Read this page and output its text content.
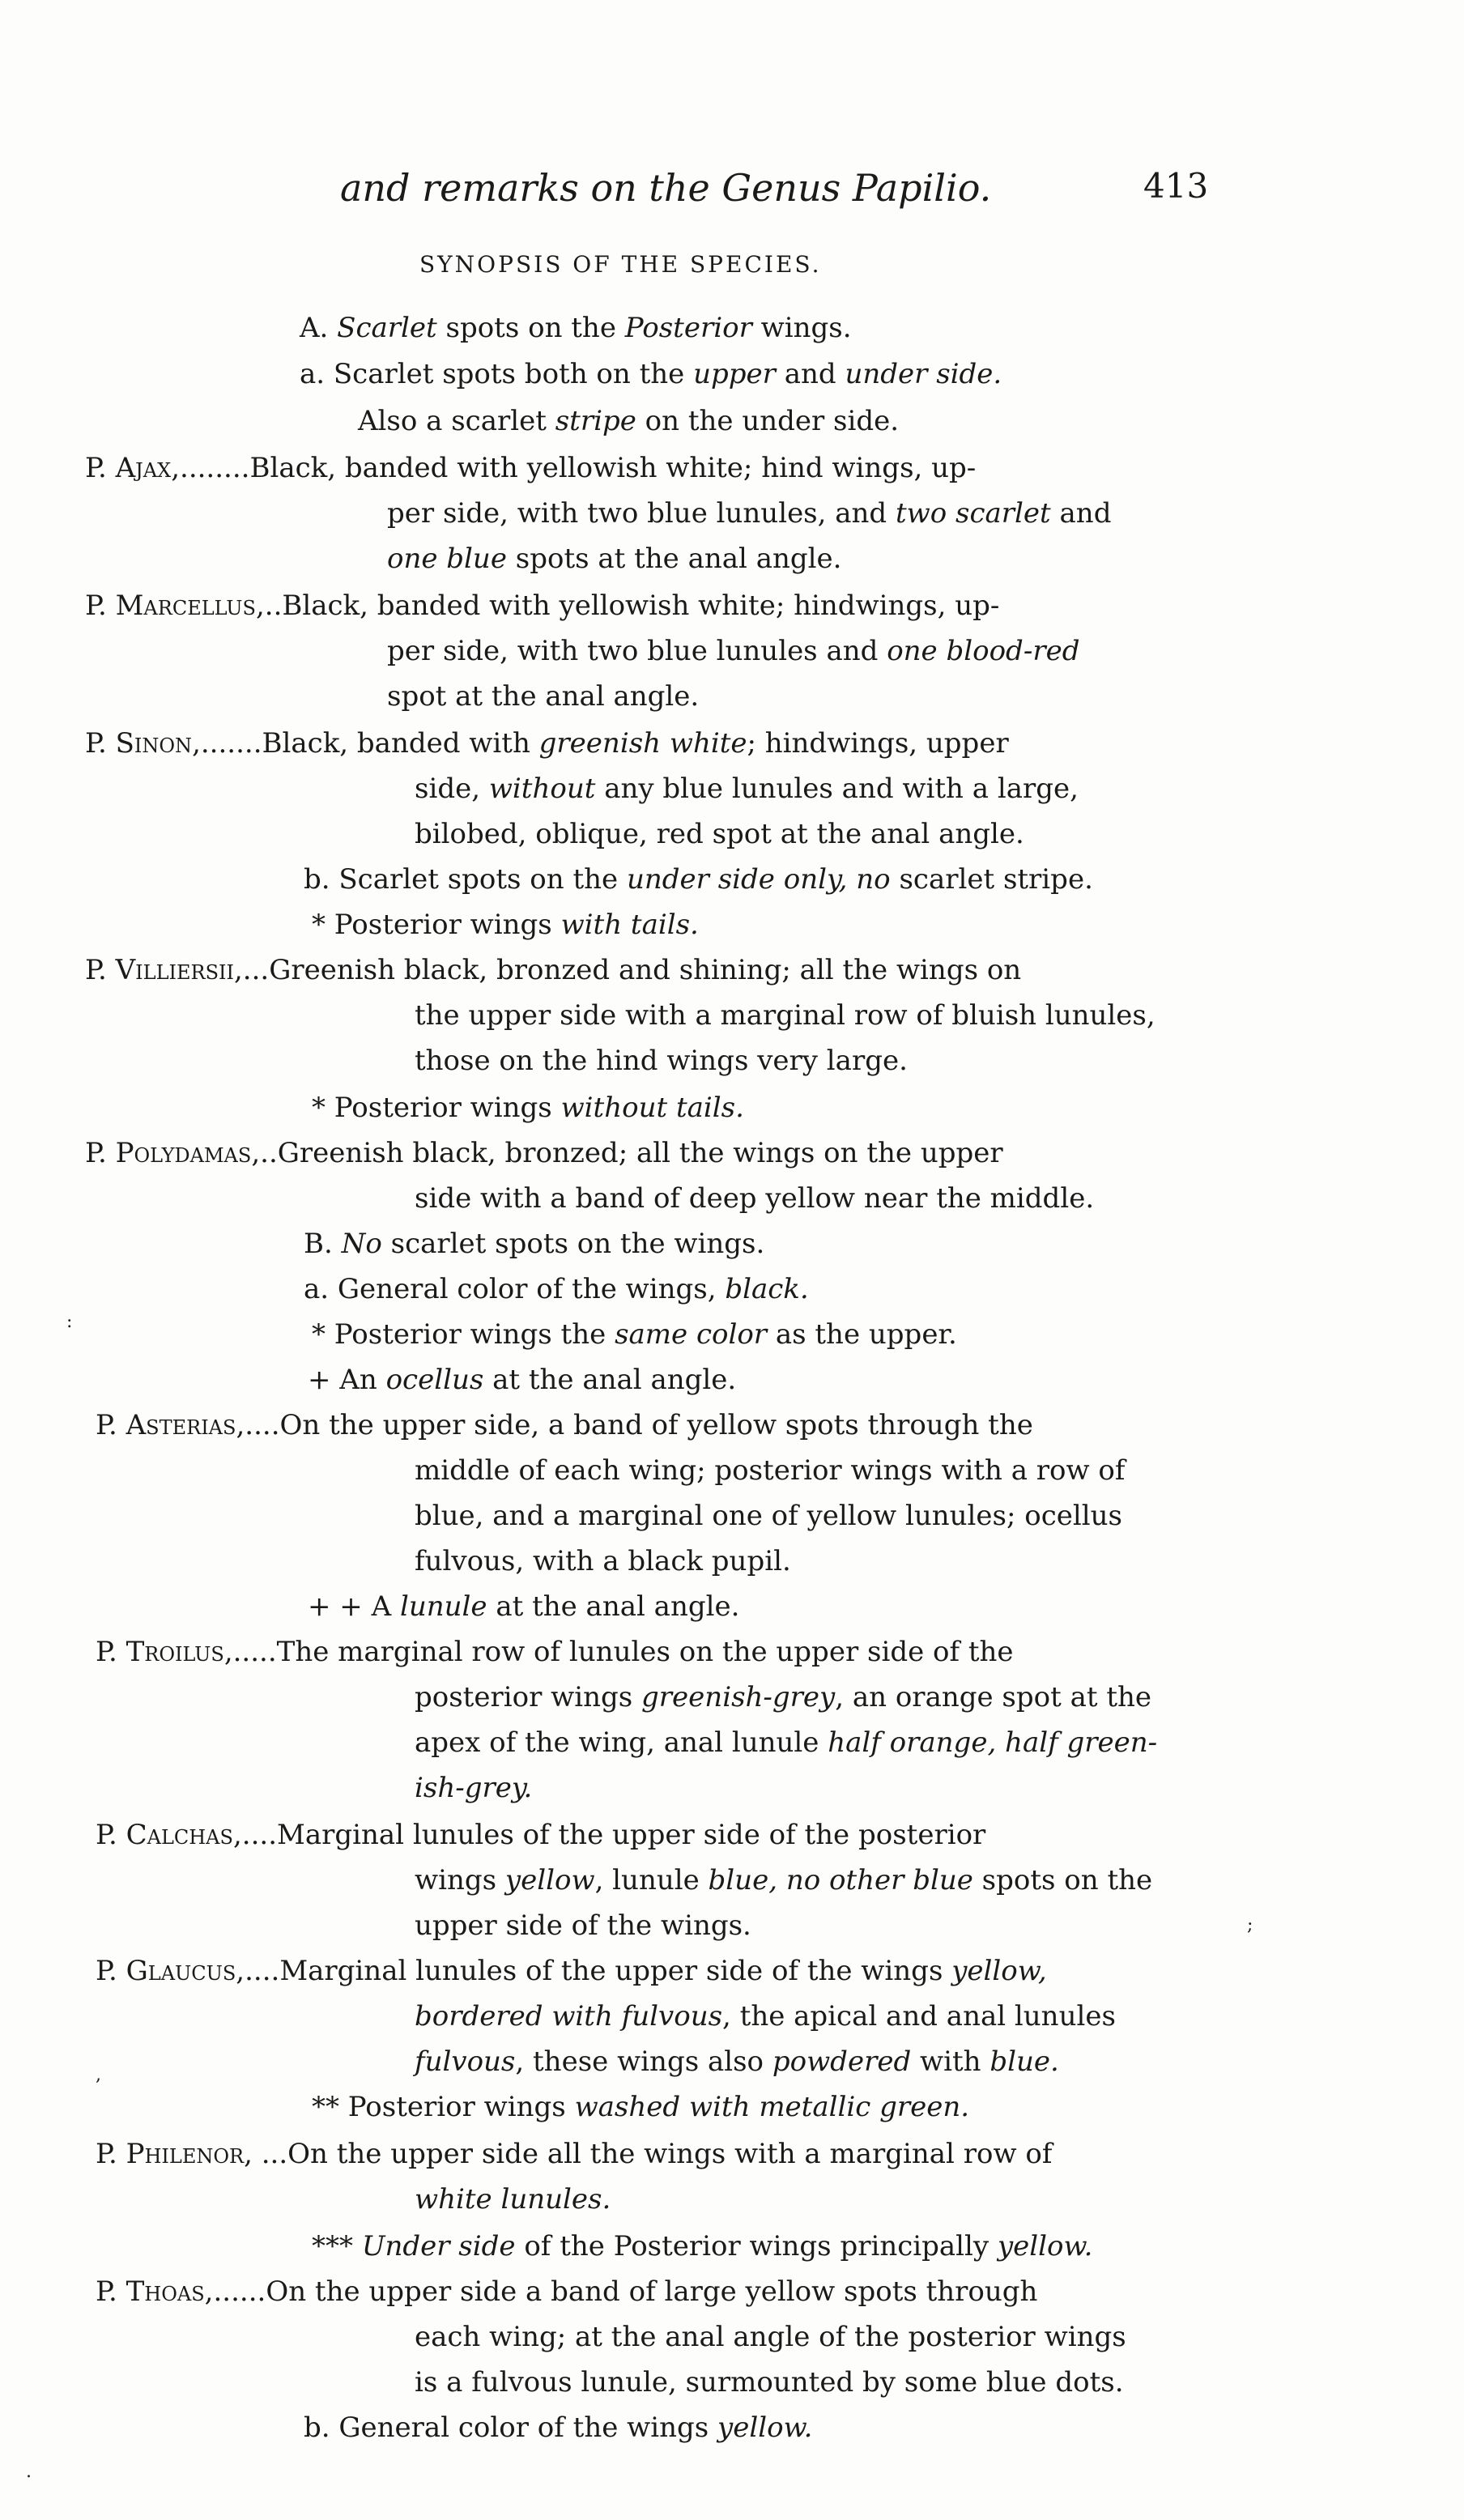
and remarks on the Genus Papilio.	413
SYNOPSIS OF THE SPECIES.
A. Scarlet spots on the Posterior wings.
a. Scarlet spots both on the upper and under side.
Also a scarlet stripe on the under side.
P. Ajax,........Black, banded with yellowish white; hind wings, up-
per side, with two blue lunules, and two scarlet and
one blue spots at the anal angle.
P. Marcellus,..Black, banded with yellowish white; hindwings, up-
per side, with two blue lunules and one blood-red
spot at the anal angle.
P. Sinon,.......Black, banded with greenish white; hindwings, upper
side, without any blue lunules and with a large,
bilobed, oblique, red spot at the anal angle.
b. Scarlet spots on the under side only, no scarlet stripe.
* Posterior wings with tails.
P. Villiersii,...Greenish black, bronzed and shining; all the wings on
the upper side with a marginal row of bluish lunules,
those on the hind wings very large.
* Posterior wings without tails.
P. Polydamas,..Greenish black, bronzed; all the wings on the upper
side with a band of deep yellow near the middle.
B. No scarlet spots on the wings.
a. General color of the wings, black.
* Posterior wings the same color as the upper.
+ An ocellus at the anal angle.
P. Asterias,....On the upper side, a band of yellow spots through the
middle of each wing; posterior wings with a row of
blue, and a marginal one of yellow lunules; ocellus
fulvous, with a black pupil.
+ + A lunule at the anal angle.
P. Troilus,.....The marginal row of lunules on the upper side of the
posterior wings greenish-grey, an orange spot at the
apex of the wing, anal lunule half orange, half green-
ish-grey.
P. Calchas,....Marginal lunules of the upper side of the posterior
wings yellow, lunule blue, no other blue spots on the
upper side of the wings.
P. Glaucus,....Marginal lunules of the upper side of the wings yellow,
bordered with fulvous, the apical and anal lunules
fulvous, these wings also powdered with blue.
** Posterior wings washed with metallic green.
P. Philenor, ...On the upper side all the wings with a marginal row of
white lunules.
*** Under side of the Posterior wings principally yellow.
P. Thoas,......On the upper side a band of large yellow spots through
each wing; at the anal angle of the posterior wings
is a fulvous lunule, surmounted by some blue dots.
b. General color of the wings yellow.
:
;
,
.
